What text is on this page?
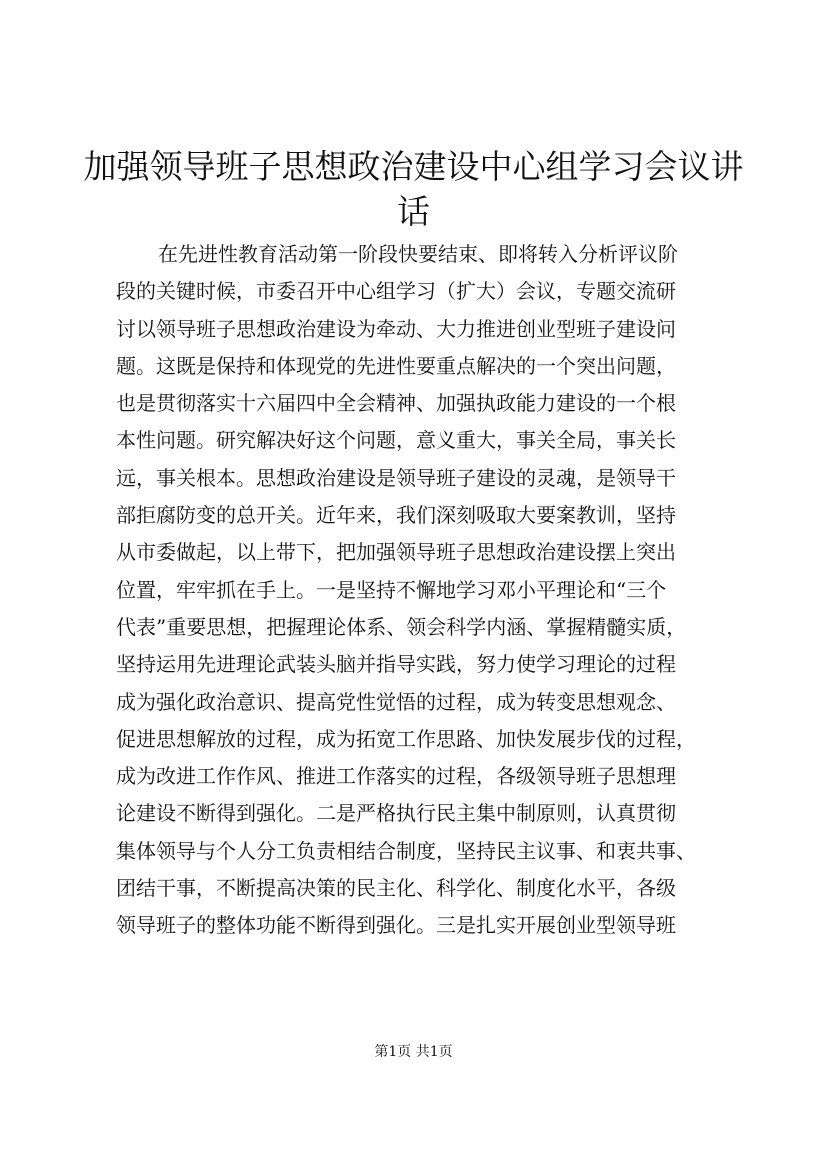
加强领导班子思想政治建设中心组学习会议讲
话
在先进性教育活动第一阶段快要结束、即将转入分析评议阶
段的关键时候，市委召开中心组学习（扩大）会议，专题交流研
讨以领导班子思想政治建设为牵动、大力推进创业型班子建设问
题。这既是保持和体现党的先进性要重点解决的一个突出问题，
也是贯彻落实十六届四中全会精神、加强执政能力建设的一个根
本性问题。研究解决好这个问题，意义重大，事关全局，事关长
远，事关根本。思想政治建设是领导班子建设的灵魂，是领导干
部拒腐防变的总开关。近年来，我们深刻吸取大要案教训，坚持
从市委做起，以上带下，把加强领导班子思想政治建设摆上突出
位置，牢牢抓在手上。一是坚持不懈地学习邓小平理论和“三个
代表”重要思想，把握理论体系、领会科学内涵、掌握精髓实质，
坚持运用先进理论武装头脑并指导实践，努力使学习理论的过程
成为强化政治意识、提高党性觉悟的过程，成为转变思想观念、
促进思想解放的过程，成为拓宽工作思路、加快发展步伐的过程，
成为改进工作作风、推进工作落实的过程，各级领导班子思想理
论建设不断得到强化。二是严格执行民主集中制原则，认真贯彻
集体领导与个人分工负责相结合制度，坚持民主议事、和衷共事、
团结干事，不断提高决策的民主化、科学化、制度化水平，各级
领导班子的整体功能不断得到强化。三是扎实开展创业型领导班
第1页 共1页
